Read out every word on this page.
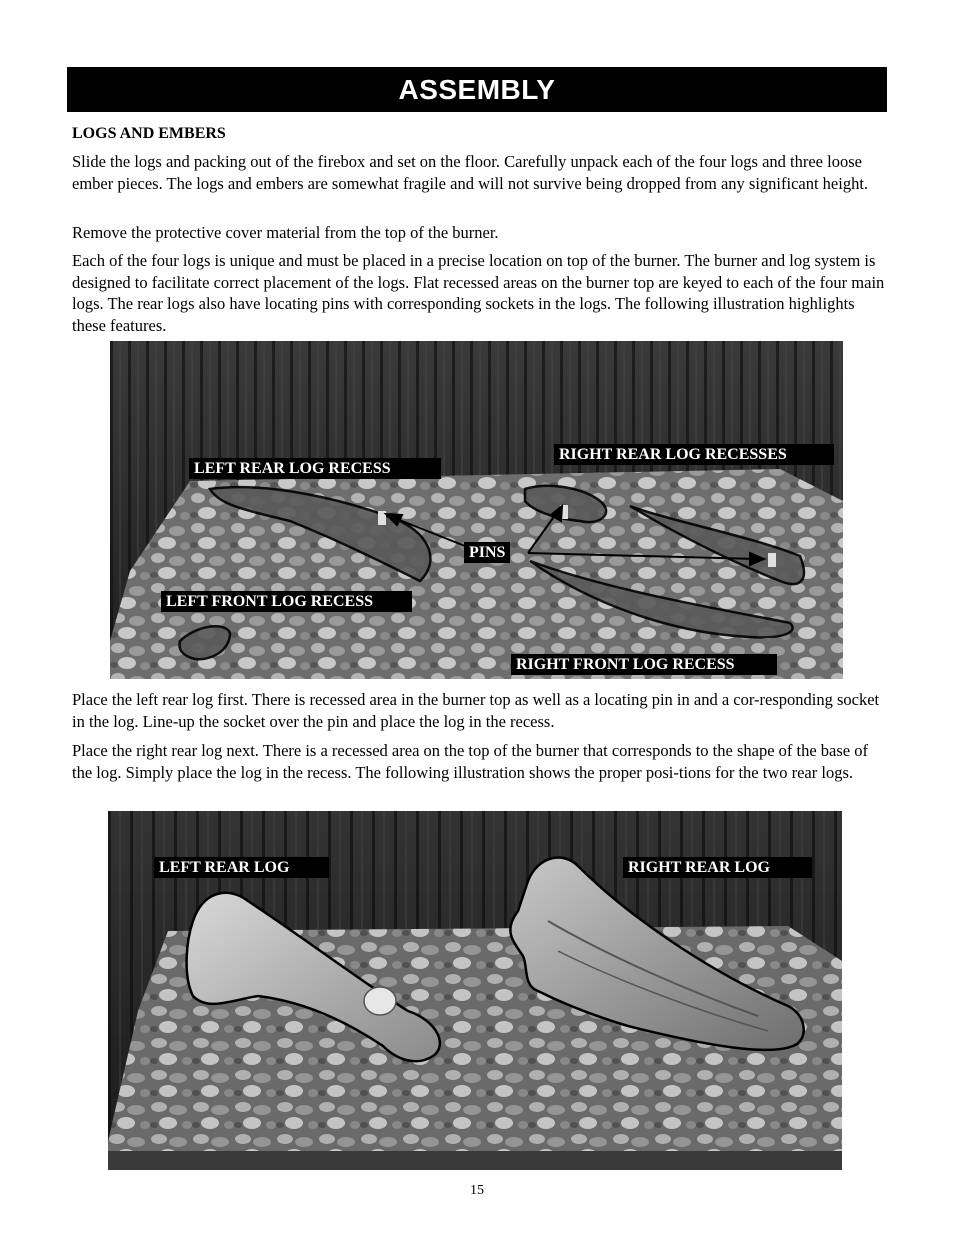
ASSEMBLY
LOGS AND EMBERS

Slide the logs and packing out of the firebox and set on the floor. Carefully unpack each of the four logs and three loose ember pieces. The logs and embers are somewhat fragile and will not survive being dropped from any significant height.

Remove the protective cover material from the top of the burner.

Each of the four logs is unique and must be placed in a precise location on top of the burner. The burner and log system is designed to facilitate correct placement of the logs. Flat recessed areas on the burner top are keyed to each of the four main logs. The rear logs also have locating pins with corresponding sockets in the logs. The following illustration highlights these features.

LEFT REAR LOG RECESS
RIGHT REAR LOG RECESSES
PINS
LEFT FRONT LOG RECESS
RIGHT FRONT LOG RECESS

Place the left rear log first. There is recessed area in the burner top as well as a locating pin in and a cor-responding socket in the log. Line-up the socket over the pin and place the log in the recess.

Place the right rear log next. There is a recessed area on the top of the burner that corresponds to the shape of the base of the log. Simply place the log in the recess. The following illustration shows the proper posi-tions for the two rear logs.

LEFT REAR LOG	RIGHT REAR LOG
15
